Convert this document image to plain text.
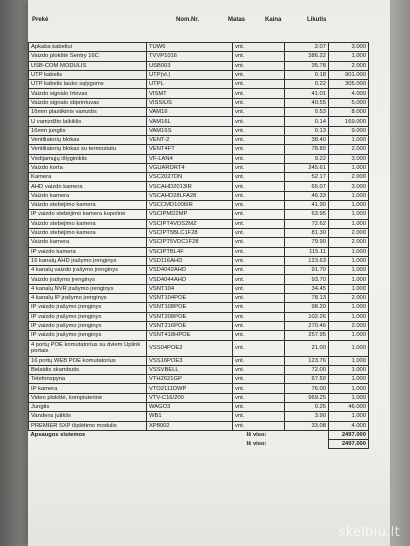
Prekė	Nom.Nr.	Matas	Kaina	Likutis
Apkaba kabeliui	TUW6	vnt.	2.07	3.000
Vaizdo plokštė Sentry 16C	TVVP1016	vnt.	386.22	1.000
USB-COM MODULIS	USB003	vnt.	35.78	2.000
UTP kabelis	UTP(vl.)	vnt.	0.18	901.000
UTP kabelis lauko sąlygoms	UTPL	vnt.	0.22	305.000
Vaizdo signalo īrtovas	VISMT	vnt.	41.01	4.000
Vaizdo signalo stiprintuvas	VISSIUS	vnt.	40.55	5.000
16mm plastikinis vamzdis	VAM16	vnt.	0.53	8.000
U vamzdžio laikiklis	VAM16L	vnt.	0.14	169.000
16mm jungtis	VAM16S	vnt.	0.13	9.000
Ventiliatorių blokas	VENT-2	vnt.	38.40	1.000
Ventiliatorių blokas su termostatu	VENT4FT	vnt.	78.80	2.000
Vėdijamųjų išlyginiklis	VF-LAN4	vnt.	9.22	3.000
Vaizdo korta	VGUARDRT4	vnt.	245.61	1.000
Kamera	VSC2027DN	vnt.	52.17	2.000
AHD vaizdo kamera	VSCAHD2013IR	vnt.	65.07	3.000
Vaizdo kamera	VSCAHD28LFA28	vnt.	46.33	1.000
Vaizdo stebėjimo kamera	VSCCMD1006IR	vnt.	41.90	1.000
IP vaizdo stebėjimo kamera kupolinė	VSCIPMD2MP	vnt.	63.95	1.000
Vaizdo stebėjimo kamera	VSCIPT4VDS2MZ	vnt.	72.62	1.000
Vaizdo stebėjimo kamera	VSCIPT5BLC1F28	vnt.	81.30	2.000
Vaizdo kamera	VSCIPT5VDC1F28	vnt.	79.90	2.000
IP vaizdo kamera	VSCIPTBL4F	vnt.	115.11	1.000
16 kanalų AHD įrašymo įrenginys	VSD116AHD	vnt.	123.63	1.000
4 kanalų vaizdo įrašymo įrenginys	VSD4042AHD	vnt.	91.70	1.000
Vaizdo įrašymo įrenginys	VSD4044AHD	vnt.	93.70	1.000
4 kanalų NVR įrašymo įrenginys	VSNT104	vnt.	34.45	1.000
4 kanalų IP įrašymo įrenginys	VSNT104POE	vnt.	78.13	2.000
IP vaizdo įrašymo įrenginys	VSNT108POE	vnt.	98.20	1.000
IP vaizdo įrašymo įrenginys	VSNT208POE	vnt.	102.26	1.000
IP vaizdo įrašymo įrenginys	VSNT216POE	vnt.	270.46	2.000
IP vaizdo įrašymo įrenginys	VSNT418HPOE	vnt.	257.95	1.000
4 portų POE komutatorius su dviem Uplink portais	VSS04POE2	vnt.	21.00	1.000
16 portų WEB POE komutatorius	VSS16POE3	vnt.	123.76	1.000
Belaidis skambutis	VSSVBELL	vnt.	72.00	1.000
Telefonspyna	VTH2621GP	vnt.	67.50	1.000
IP kamera	VTO2111DWP	vnt.	76.00	1.000
Video plokštė, kompiuterinė	VTV-C16/200	vnt.	969.25	1.000
Jungtis	WAGO3	vnt.	0.25	46.000
Vandens jutiklis	WB1	vnt.	3.90	1.000
PREMIER SXP išplėtimo modulis	XP8002	vnt.	33.08	4.000
Apsaugos sistemos		Iš viso:		2497.000
		Iš viso:		2497.000
skelbiu.lt
